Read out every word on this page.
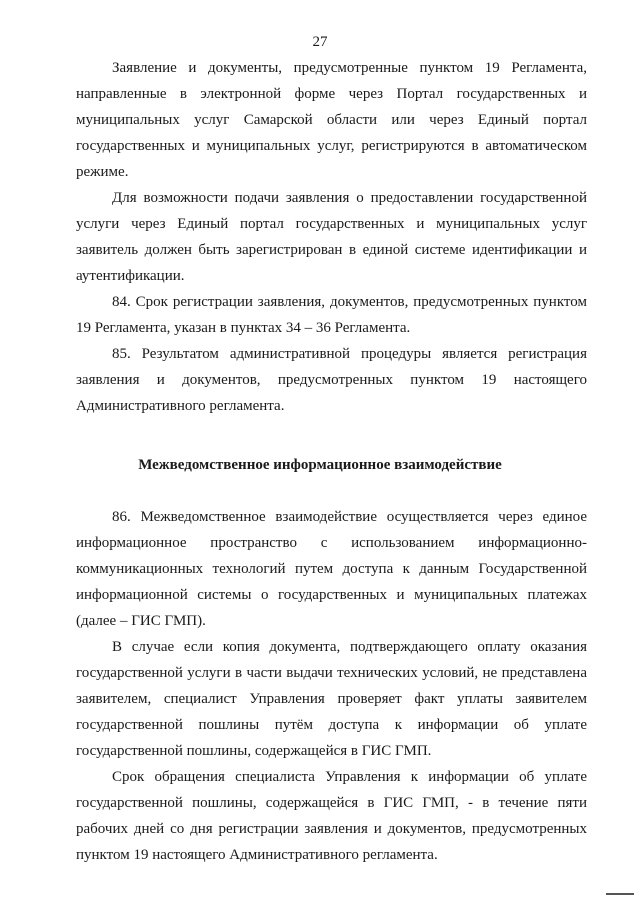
27
Заявление и документы, предусмотренные пунктом 19 Регламента,
направленные в электронной форме через Портал государственных и
муниципальных услуг Самарской области или через Единый портал
государственных и муниципальных услуг, регистрируются в автоматическом
режиме.
Для возможности подачи заявления о предоставлении государственной
услуги через Единый портал государственных и муниципальных услуг
заявитель должен быть зарегистрирован в единой системе идентификации и
аутентификации.
84. Срок регистрации заявления, документов, предусмотренных пунктом
19 Регламента, указан в пунктах 34 – 36 Регламента.
85. Результатом административной процедуры является регистрация
заявления и документов, предусмотренных пунктом 19 настоящего
Административного регламента.
Межведомственное информационное взаимодействие
86. Межведомственное взаимодействие осуществляется через единое
информационное пространство с использованием информационно-
коммуникационных технологий путем доступа к данным Государственной
информационной системы о государственных и муниципальных платежах
(далее – ГИС ГМП).
В случае если копия документа, подтверждающего оплату оказания
государственной услуги в части выдачи технических условий, не представлена
заявителем, специалист Управления проверяет факт уплаты заявителем
государственной пошлины путём доступа к информации об уплате
государственной пошлины, содержащейся в ГИС ГМП.
Срок обращения специалиста Управления к информации об уплате
государственной пошлины, содержащейся в ГИС ГМП, - в течение пяти
рабочих дней со дня регистрации заявления и документов, предусмотренных
пунктом 19 настоящего Административного регламента.
